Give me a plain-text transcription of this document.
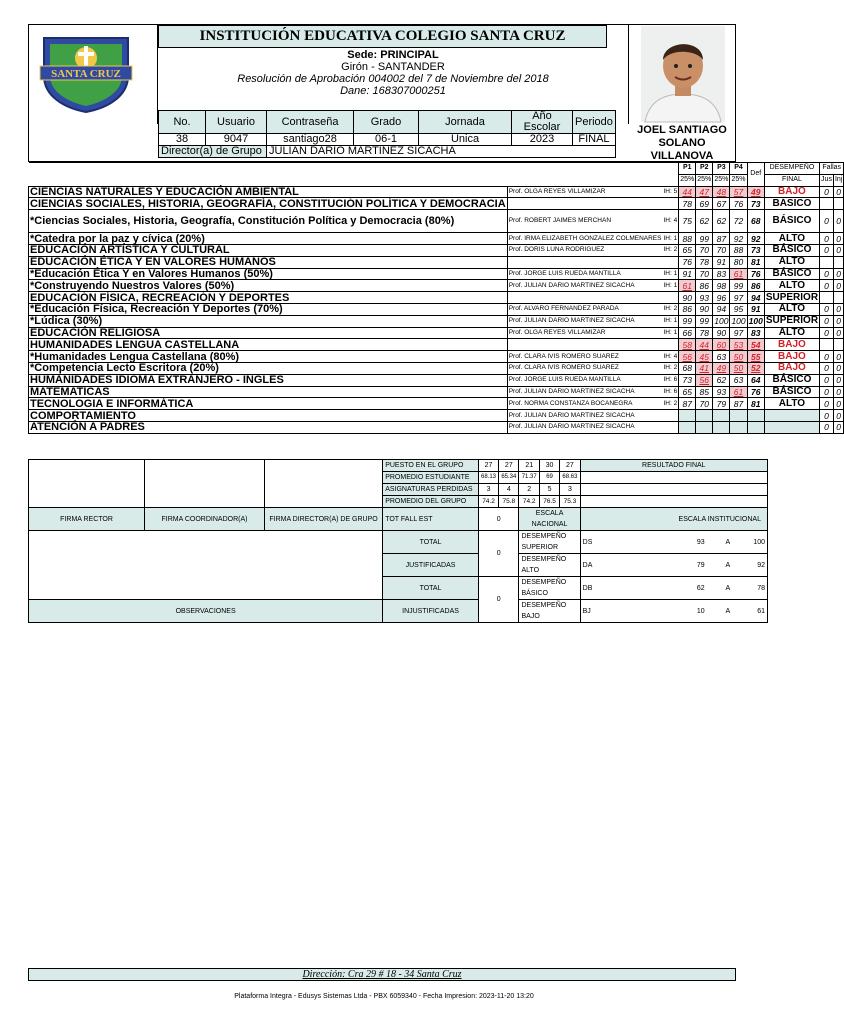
SANTA CRUZ
INSTITUCIÓN EDUCATIVA COLEGIO SANTA CRUZ
Sede: PRINCIPAL
Girón - SANTANDER
Resolución de Aprobación 004002 del 7 de Noviembre del 2018
Dane: 168307000251
No.	Usuario	Contraseña	Grado	Jornada	Año Escolar	Periodo
38	9047	santiago28	06-1	Unica	2023	FINAL
Director(a) de Grupo		JULIAN DARIO MARTINEZ SICACHA				
JOEL SANTIAGO
SOLANO
VILLANOVA
			P1	P2	P3	P4	Def	DESEMPEÑO	Fallas	
			25%	25%	25%	25%		FINAL	Jus	Inj
CIENCIAS NATURALES Y EDUCACIÓN AMBIENTAL	Prof. OLGA REYES VILLAMIZAR	IH: 5	44	47	48	57	49	BAJO	0	0
CIENCIAS SOCIALES, HISTORIA, GEOGRAFÍA, CONSTITUCIÓN POLÍTICA Y DEMOCRACIA			78	69	67	76	73	BÁSICO		
*Ciencias Sociales, Historia, Geografía, Constitución Política y Democracia (80%)	Prof. ROBERT JAIMES MERCHAN	IH: 4	75	62	62	72	68	BÁSICO	0	0
*Catedra por la paz y cívica (20%)	Prof. IRMA ELIZABETH GONZALEZ COLMENARES	IH: 1	88	99	87	92	92	ALTO	0	0
EDUCACIÓN ARTÍSTICA Y CULTURAL	Prof. DORIS LUNA RODRIGUEZ	IH: 2	65	70	70	88	73	BÁSICO	0	0
EDUCACIÓN ÉTICA Y EN VALORES HUMANOS			76	78	91	80	81	ALTO		
*Educación Ética Y en Valores Humanos (50%)	Prof. JORGE LUIS RUEDA MANTILLA	IH: 1	91	70	83	61	76	BÁSICO	0	0
*Construyendo Nuestros Valores (50%)	Prof. JULIAN DARIO MARTINEZ SICACHA	IH: 1	61	86	98	99	86	ALTO	0	0
EDUCACIÓN FÍSICA, RECREACIÓN Y DEPORTES			90	93	96	97	94	SUPERIOR		
*Educación Física, Recreación Y Deportes (70%)	Prof. ALVARO FERNANDEZ PARADA	IH: 2	86	90	94	95	91	ALTO	0	0
*Lúdica (30%)	Prof. JULIAN DARIO MARTINEZ SICACHA	IH: 1	99	99	100	100	100	SUPERIOR	0	0
EDUCACIÓN RELIGIOSA	Prof. OLGA REYES VILLAMIZAR	IH: 1	66	78	90	97	83	ALTO	0	0
HUMANIDADES LENGUA CASTELLANA			58	44	60	53	54	BAJO		
*Humanidades Lengua Castellana (80%)	Prof. CLARA IVIS ROMERO SUAREZ	IH: 4	56	45	63	50	55	BAJO	0	0
*Competencia Lecto Escritora (20%)	Prof. CLARA IVIS ROMERO SUAREZ	IH: 2	68	41	49	50	52	BAJO	0	0
HUMANIDADES IDIOMA EXTRANJERO - INGLES	Prof. JORGE LUIS RUEDA MANTILLA	IH: 6	73	56	62	63	64	BÁSICO	0	0
MATEMATICAS	Prof. JULIAN DARIO MARTINEZ SICACHA	IH: 6	65	85	93	61	76	BÁSICO	0	0
TECNOLOGIA E INFORMÁTICA	Prof. NORMA CONSTANZA BOCANEGRA	IH: 2	87	70	79	87	81	ALTO	0	0
COMPORTAMIENTO	Prof. JULIAN DARIO MARTINEZ SICACHA								0	0
ATENCIÓN A PADRES	Prof. JULIAN DARIO MARTINEZ SICACHA								0	0
			PUESTO EN EL GRUPO	27	27	21	30	27	RESULTADO FINAL			
			PROMEDIO ESTUDIANTE	68.13	65.34	71.37	69	68.63				
			ASIGNATURAS PERDIDAS	3	4	2	5	3				
			PROMEDIO DEL GRUPO	74.2	75.8	74.2	76.5	75.3				
FIRMA RECTOR	FIRMA COORDINADOR(A)	FIRMA DIRECTOR(A) DE GRUPO	TOT FALL EST	0		ESCALA NACIONAL			ESCALA INSTITUCIONAL			
			TOTAL	0		DESEMPEÑO SUPERIOR			DS	93	A	100
			JUSTIFICADAS			DESEMPEÑO ALTO			DA	79	A	92
			TOTAL	0		DESEMPEÑO BÁSICO			DB	62	A	78
OBSERVACIONES			INJUSTIFICADAS			DESEMPEÑO BAJO			BJ	10	A	61
Dirección: Cra 29 # 18 - 34 Santa Cruz
Plataforma Integra - Edusys Sistemas Ltda - PBX 6059340 - Fecha Impresion: 2023-11-20 13:20
